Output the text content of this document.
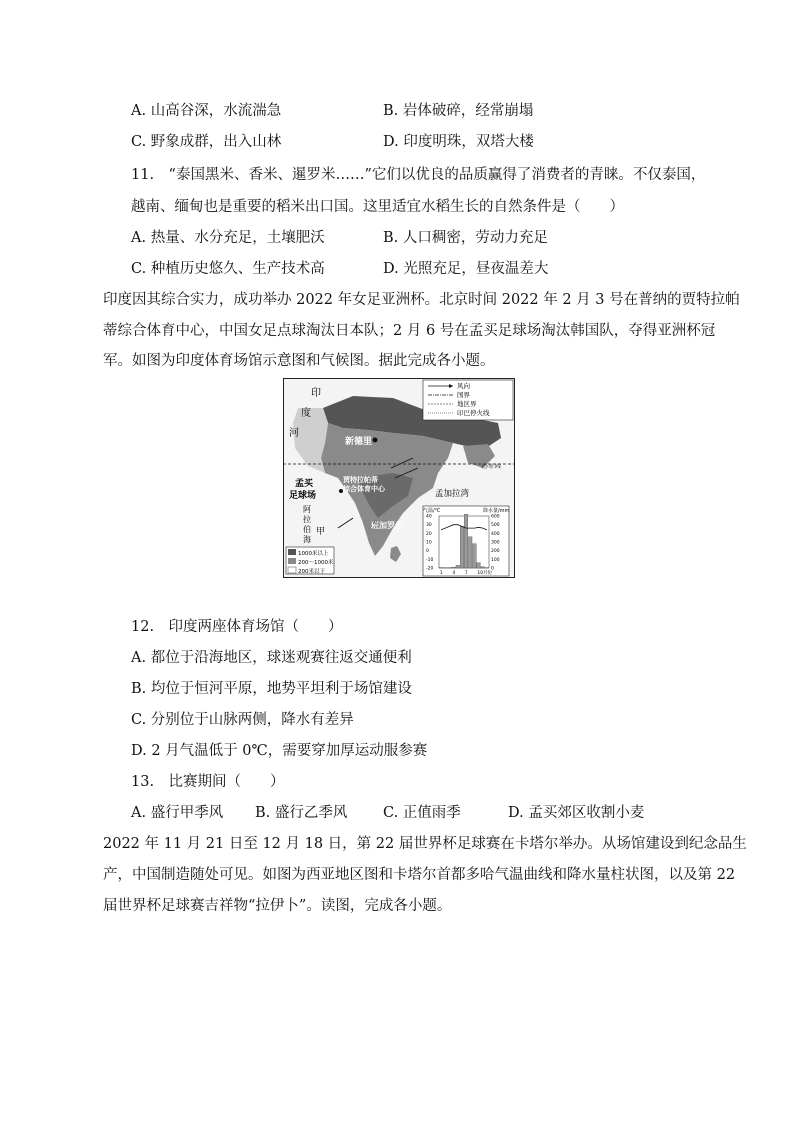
A. 山高谷深，水流湍急	B. 岩体破碎，经常崩塌
C. 野象成群，出入山林	D. 印度明珠，双塔大楼
11.　“泰国黑米、香米、暹罗米……”它们以优良的品质赢得了消费者的青睐。不仅泰国，
越南、缅甸也是重要的稻米出口国。这里适宜水稻生长的自然条件是（　　）
A. 热量、水分充足，土壤肥沃	B. 人口稠密，劳动力充足
C. 种植历史悠久、生产技术高	D. 光照充足，昼夜温差大
印度因其综合实力，成功举办 2022 年女足亚洲杯。北京时间 2022 年 2 月 3 号在普纳的贾特拉帕
蒂综合体育中心，中国女足点球淘汰日本队；2 月 6 号在孟买足球场淘汰韩国队，夺得亚洲杯冠
军。如图为印度体育场馆示意图和气候图。据此完成各小题。
北回归线
风向
国界
地区界
印巴停火线
印
度
河
新德里
孟买
足球场
贾特拉帕蒂
综合体育中心	孟加拉湾
班加罗尔
甲
阿
拉
伯
海
1000米以上
200～1000米
200米以下
气温/℃	降水量/mm
40
30
20
10
0
-10
-20
600
500
400
300
200
100
0
1 4 7 10月份
12.　印度两座体育场馆（　　）
A. 都位于沿海地区，球迷观赛往返交通便利
B. 均位于恒河平原，地势平坦利于场馆建设
C. 分别位于山脉两侧，降水有差异
D. 2 月气温低于 0℃，需要穿加厚运动服参赛
13.　比赛期间（　　）
A. 盛行甲季风 B. 盛行乙季风 C. 正值雨季	D. 孟买郊区收割小麦
2022 年 11 月 21 日至 12 月 18 日，第 22 届世界杯足球赛在卡塔尔举办。从场馆建设到纪念品生
产，中国制造随处可见。如图为西亚地区图和卡塔尔首都多哈气温曲线和降水量柱状图，以及第 22
届世界杯足球赛吉祥物“拉伊卜”。读图，完成各小题。
